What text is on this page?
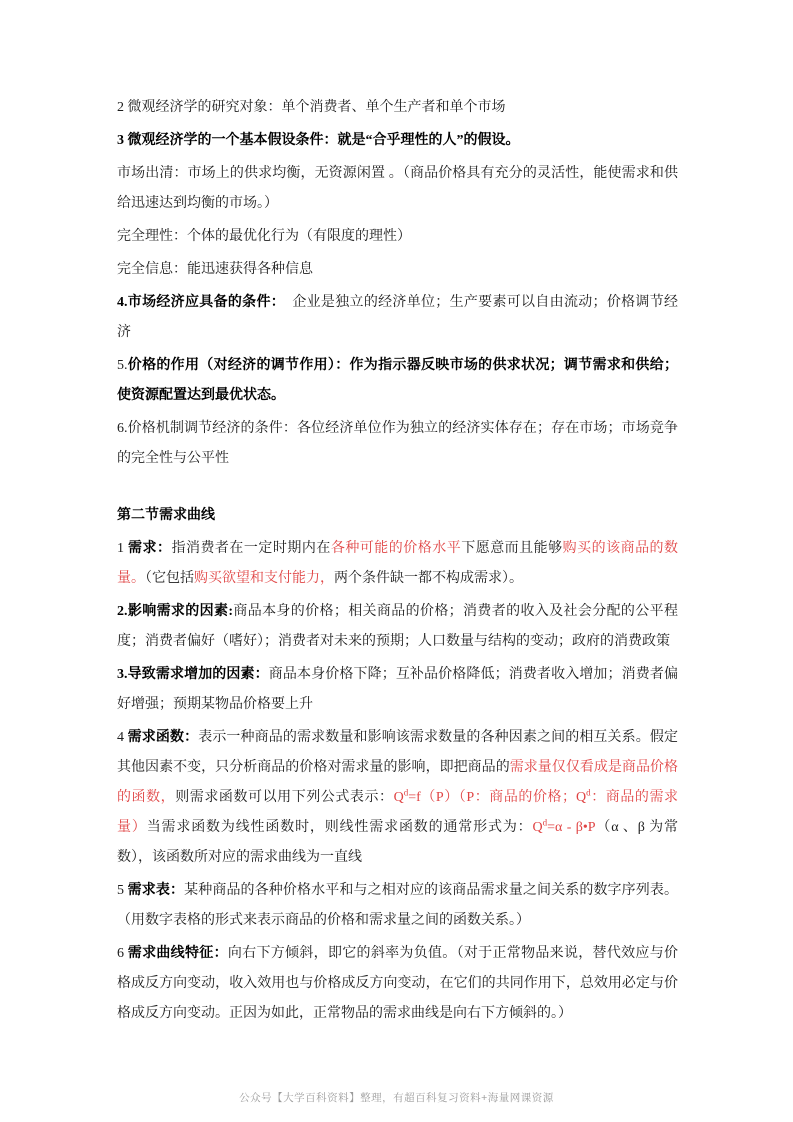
2 微观经济学的研究对象：单个消费者、单个生产者和单个市场
3 微观经济学的一个基本假设条件：就是“合乎理性的人”的假设。
市场出清：市场上的供求均衡，无资源闲置 。（商品价格具有充分的灵活性，能使需求和供给迅速达到均衡的市场。）
完全理性：个体的最优化行为（有限度的理性）
完全信息：能迅速获得各种信息
4.市场经济应具备的条件：　企业是独立的经济单位；生产要素可以自由流动；价格调节经济
5.价格的作用（对经济的调节作用）：作为指示器反映市场的供求状况；调节需求和供给；使资源配置达到最优状态。
6.价格机制调节经济的条件：各位经济单位作为独立的经济实体存在；存在市场；市场竞争的完全性与公平性
第二节需求曲线
1 需求：指消费者在一定时期内在各种可能的价格水平下愿意而且能够购买的该商品的数量。（它包括购买欲望和支付能力，两个条件缺一都不构成需求）。
2.影响需求的因素:商品本身的价格；相关商品的价格；消费者的收入及社会分配的公平程度；消费者偏好（嗜好）；消费者对未来的预期；人口数量与结构的变动；政府的消费政策
3.导致需求增加的因素：商品本身价格下降；互补品价格降低；消费者收入增加；消费者偏好增强；预期某物品价格要上升
4 需求函数：表示一种商品的需求数量和影响该需求数量的各种因素之间的相互关系。假定其他因素不变，只分析商品的价格对需求量的影响，即把商品的需求量仅仅看成是商品价格的函数，则需求函数可以用下列公式表示：$Q^d=f(P)(P$：商品的价格；$Q^d$：商品的需求量）当需求函数为线性函数时，则线性需求函数的通常形式为：$Q^d=\alpha$ - β•P（α 、β 为常数），该函数所对应的需求曲线为一直线
5 需求表：某种商品的各种价格水平和与之相对应的该商品需求量之间关系的数字序列表。（用数字表格的形式来表示商品的价格和需求量之间的函数关系。）
6 需求曲线特征：向右下方倾斜，即它的斜率为负值。（对于正常物品来说，替代效应与价格成反方向变动，收入效用也与价格成反方向变动，在它们的共同作用下，总效用必定与价格成反方向变动。正因为如此，正常物品的需求曲线是向右下方倾斜的。）
公众号【大学百科资料】整理，有超百科复习资料+海量网课资源
